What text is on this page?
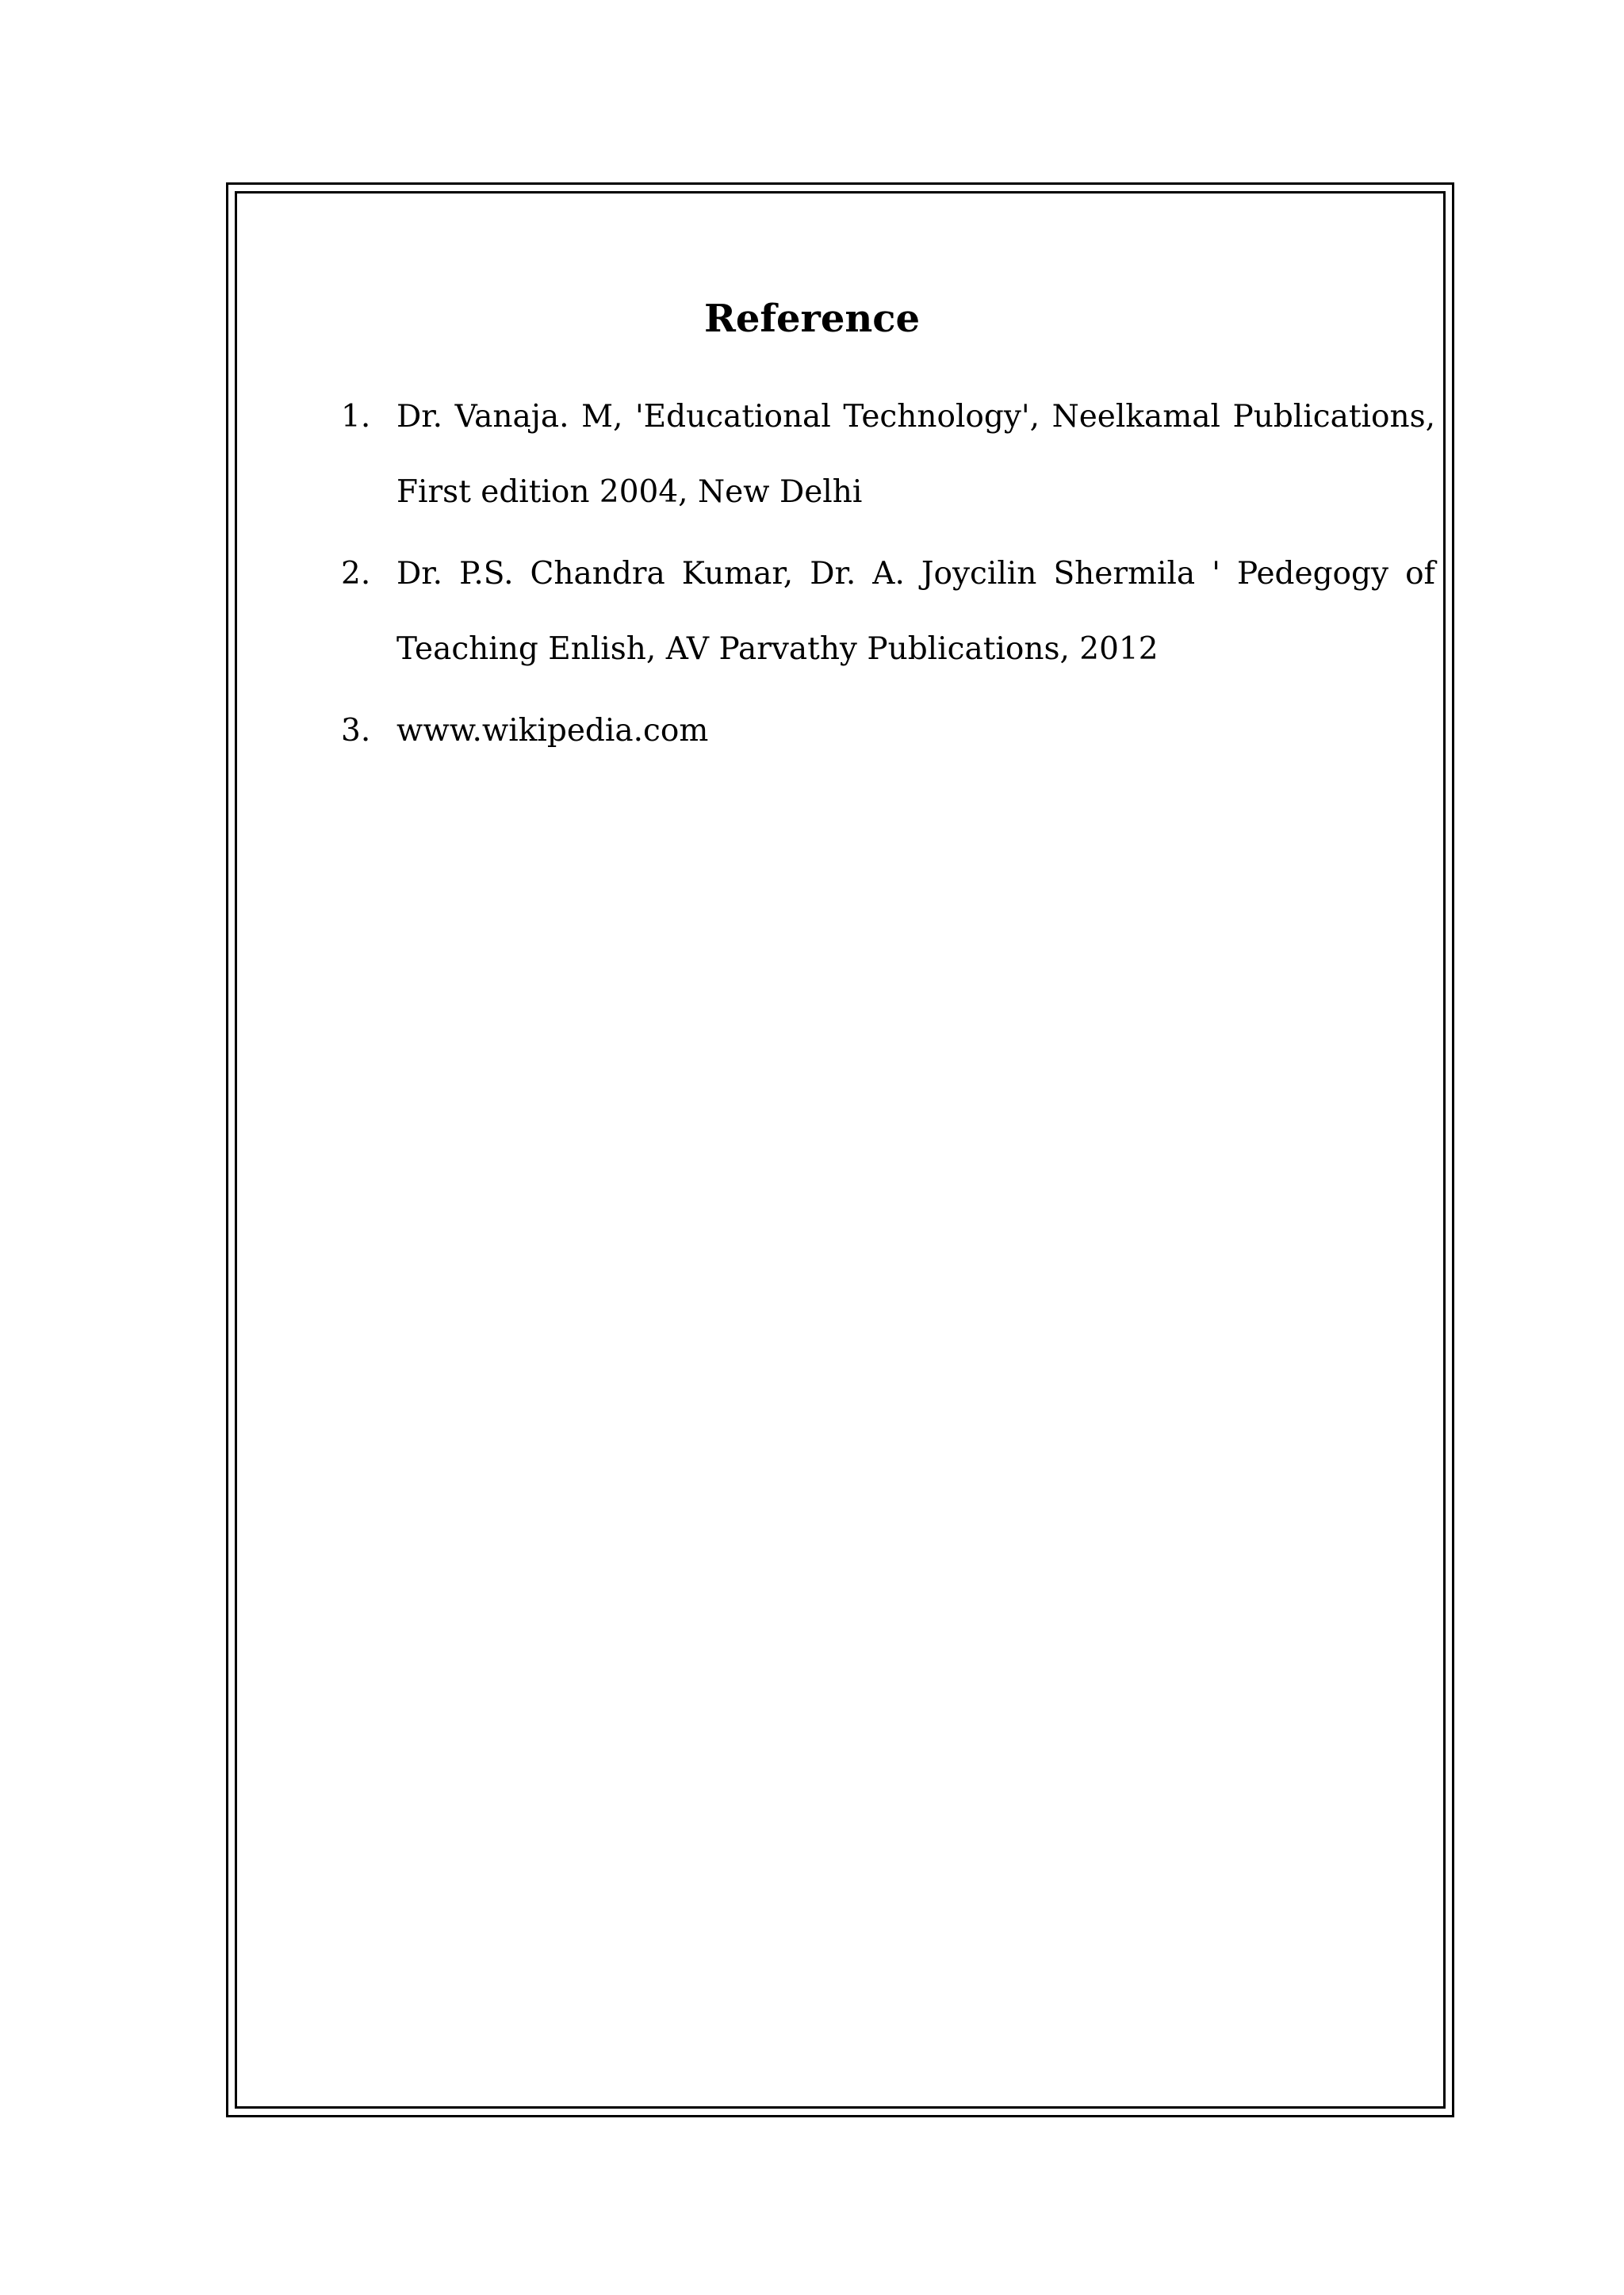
Reference
1. Dr. Vanaja. M, 'Educational Technology', Neelkamal Publications,
First edition 2004, New Delhi
2. Dr. P.S. Chandra Kumar, Dr. A. Joycilin Shermila ' Pedegogy of
Teaching Enlish, AV Parvathy Publications, 2012
3. www.wikipedia.com
